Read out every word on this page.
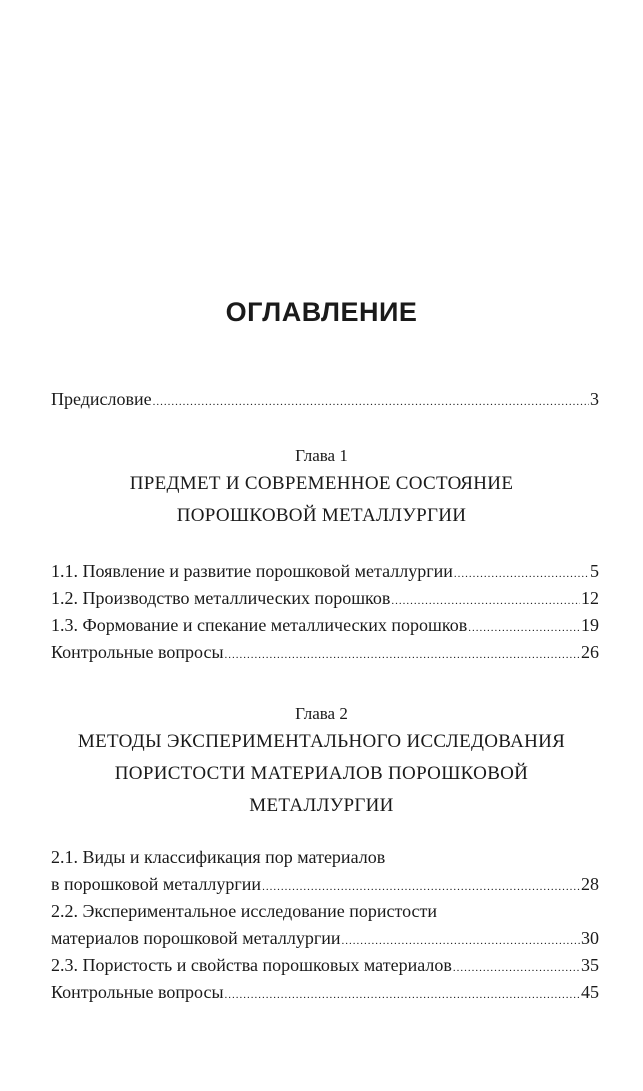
ОГЛАВЛЕНИЕ
Предисловие .....	3
Глава 1
ПРЕДМЕТ И СОВРЕМЕННОЕ СОСТОЯНИЕ
ПОРОШКОВОЙ МЕТАЛЛУРГИИ
1.1. Появление и развитие порошковой металлургии .....	5
1.2. Производство металлических порошков .....	12
1.3. Формование и спекание металлических порошков .....	19
Контрольные вопросы .....	26
Глава 2
МЕТОДЫ ЭКСПЕРИМЕНТАЛЬНОГО ИССЛЕДОВАНИЯ
ПОРИСТОСТИ МАТЕРИАЛОВ ПОРОШКОВОЙ
МЕТАЛЛУРГИИ
2.1. Виды и классификация пор материалов
в порошковой металлургии .....	28
2.2. Экспериментальное исследование пористости
материалов порошковой металлургии .....	30
2.3. Пористость и свойства порошковых материалов .....	35
Контрольные вопросы .....	45
